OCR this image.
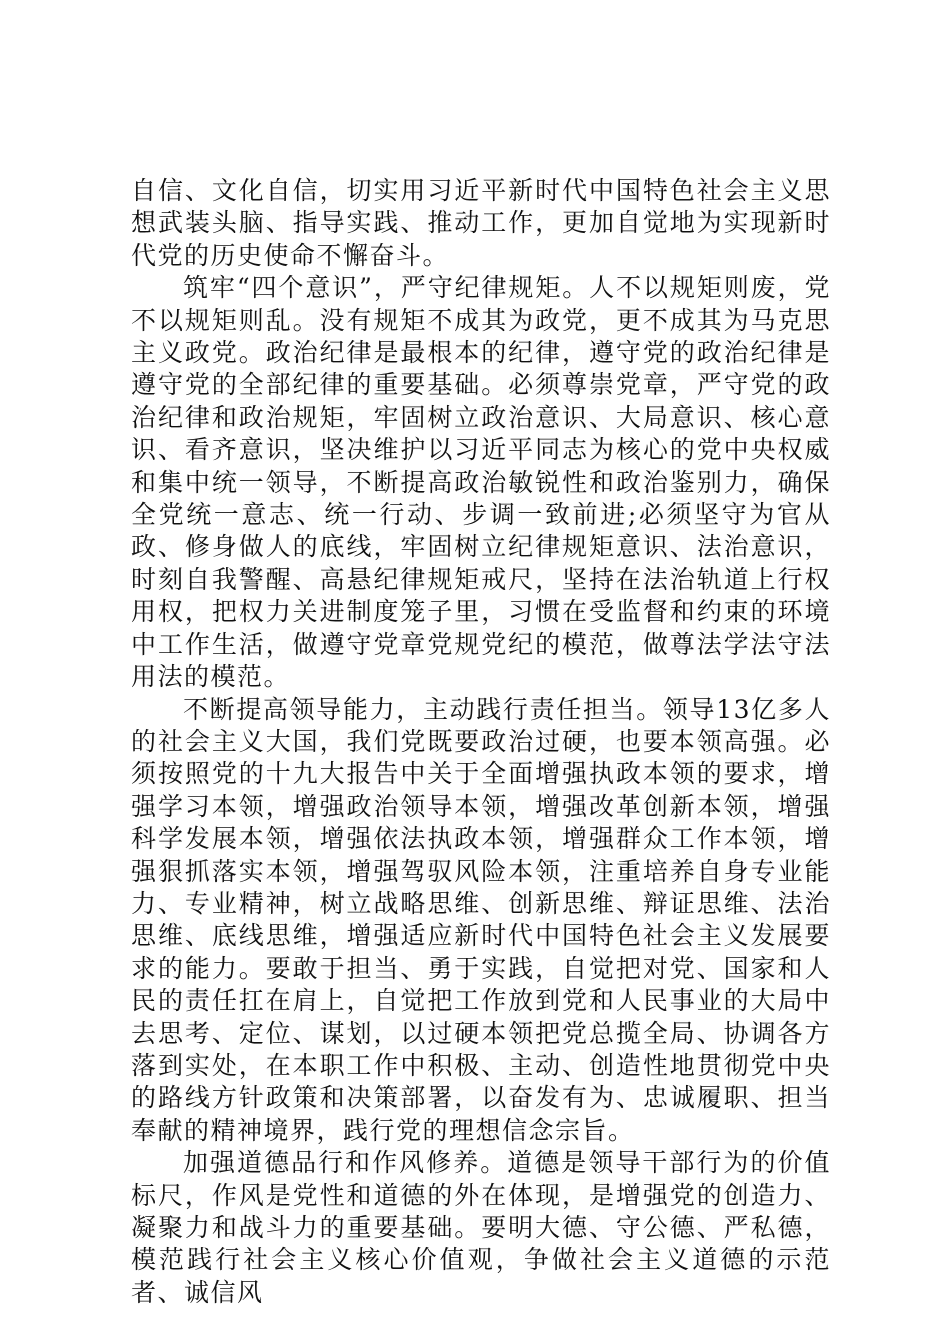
自信、文化自信，切实用习近平新时代中国特色社会主义思想武装头脑、指导实践、推动工作，更加自觉地为实现新时代党的历史使命不懈奋斗。

筑牢“四个意识”，严守纪律规矩。人不以规矩则废，党不以规矩则乱。没有规矩不成其为政党，更不成其为马克思主义政党。政治纪律是最根本的纪律，遵守党的政治纪律是遵守党的全部纪律的重要基础。必须尊崇党章，严守党的政治纪律和政治规矩，牢固树立政治意识、大局意识、核心意识、看齐意识，坚决维护以习近平同志为核心的党中央权威和集中统一领导，不断提高政治敏锐性和政治鉴别力，确保全党统一意志、统一行动、步调一致前进;必须坚守为官从政、修身做人的底线，牢固树立纪律规矩意识、法治意识，时刻自我警醒、高悬纪律规矩戒尺，坚持在法治轨道上行权用权，把权力关进制度笼子里，习惯在受监督和约束的环境中工作生活，做遵守党章党规党纪的模范，做尊法学法守法用法的模范。

不断提高领导能力，主动践行责任担当。领导13亿多人的社会主义大国，我们党既要政治过硬，也要本领高强。必须按照党的十九大报告中关于全面增强执政本领的要求，增强学习本领，增强政治领导本领，增强改革创新本领，增强科学发展本领，增强依法执政本领，增强群众工作本领，增强狠抓落实本领，增强驾驭风险本领，注重培养自身专业能力、专业精神，树立战略思维、创新思维、辩证思维、法治思维、底线思维，增强适应新时代中国特色社会主义发展要求的能力。要敢于担当、勇于实践，自觉把对党、国家和人民的责任扛在肩上，自觉把工作放到党和人民事业的大局中去思考、定位、谋划，以过硬本领把党总揽全局、协调各方落到实处，在本职工作中积极、主动、创造性地贯彻党中央的路线方针政策和决策部署，以奋发有为、忠诚履职、担当奉献的精神境界，践行党的理想信念宗旨。

加强道德品行和作风修养。道德是领导干部行为的价值标尺，作风是党性和道德的外在体现，是增强党的创造力、凝聚力和战斗力的重要基础。要明大德、守公德、严私德，模范践行社会主义核心价值观，争做社会主义道德的示范者、诚信风
